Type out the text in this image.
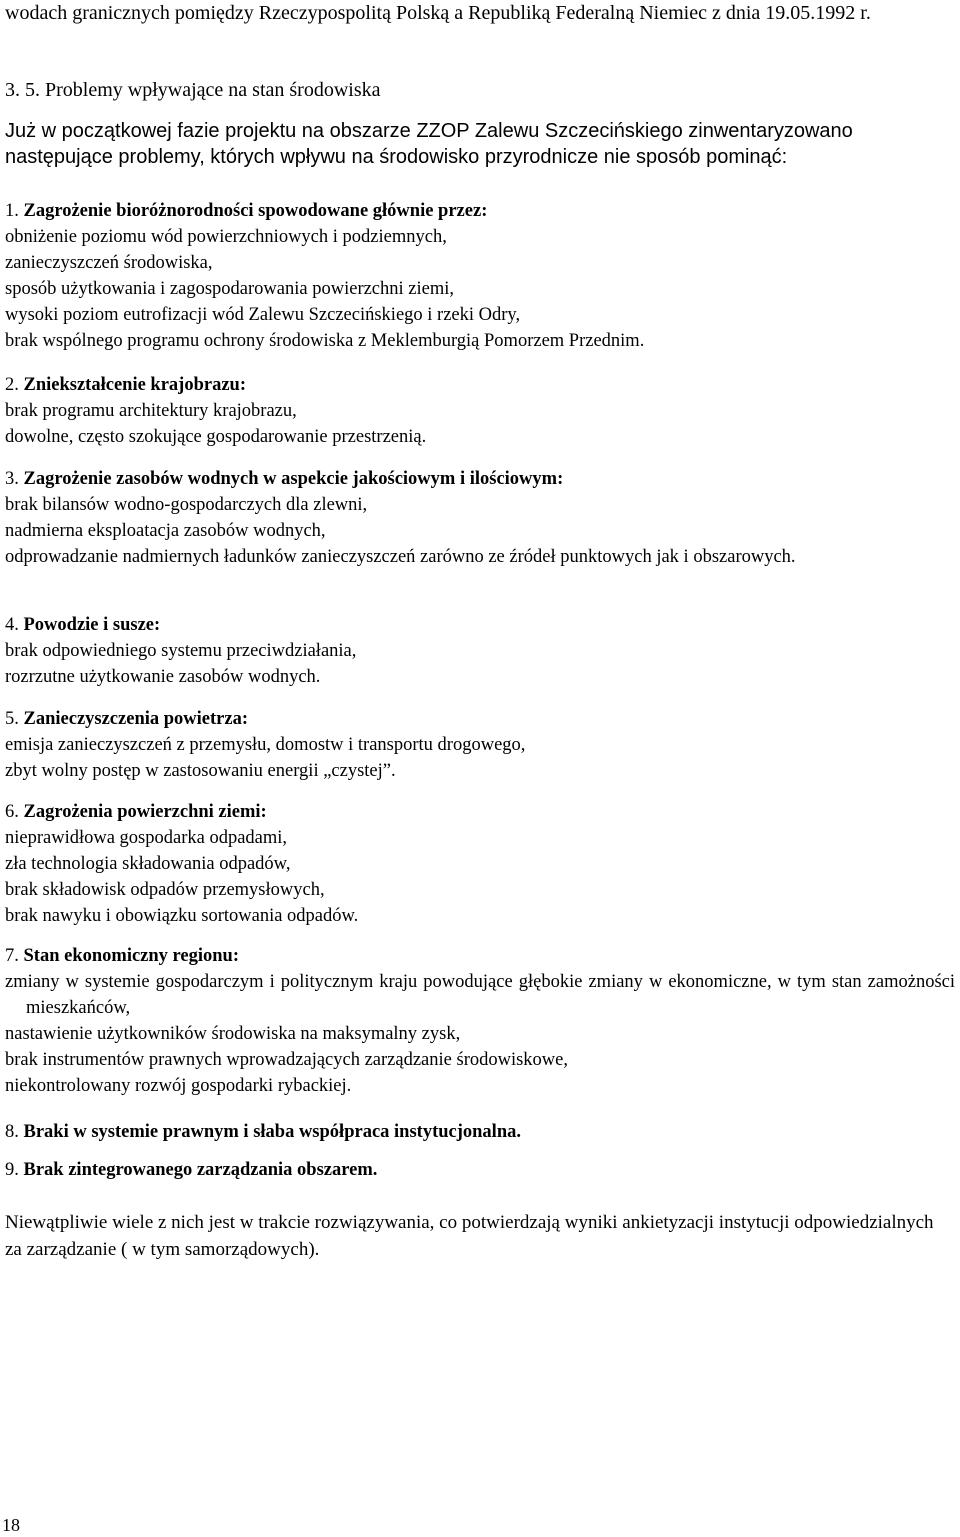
wodach granicznych pomiędzy Rzeczypospolitą Polską a Republiką Federalną Niemiec z dnia 19.05.1992 r.

3. 5. Problemy wpływające na stan środowiska

Już w początkowej fazie projektu na obszarze ZZOP Zalewu Szczecińskiego zinwentaryzowano następujące problemy, których wpływu na środowisko przyrodnicze nie sposób pominąć:

1. Zagrożenie bioróżnorodności spowodowane głównie przez:

obniżenie poziomu wód powierzchniowych i podziemnych,

zanieczyszczeń środowiska,

sposób użytkowania i zagospodarowania powierzchni ziemi,

wysoki poziom eutrofizacji wód Zalewu Szczecińskiego i rzeki Odry,

brak wspólnego programu ochrony środowiska z Meklemburgią Pomorzem Przednim.

2. Zniekształcenie krajobrazu:

brak programu architektury krajobrazu,

dowolne, często szokujące gospodarowanie przestrzenią.

3. Zagrożenie zasobów wodnych w aspekcie jakościowym i ilościowym:

brak bilansów wodno-gospodarczych dla zlewni,

nadmierna eksploatacja zasobów wodnych,

odprowadzanie nadmiernych ładunków zanieczyszczeń zarówno ze źródeł punktowych jak i obszarowych.

4. Powodzie i susze:

brak odpowiedniego systemu przeciwdziałania,

rozrzutne użytkowanie zasobów wodnych.

5. Zanieczyszczenia powietrza:

emisja zanieczyszczeń z przemysłu, domostw i transportu drogowego,

zbyt wolny postęp w zastosowaniu energii „czystej”.

6. Zagrożenia powierzchni ziemi:

nieprawidłowa gospodarka odpadami,

zła technologia składowania odpadów,

brak składowisk odpadów przemysłowych,

brak nawyku i obowiązku sortowania odpadów.

7. Stan ekonomiczny regionu:

zmiany w systemie gospodarczym i politycznym kraju powodujące głębokie zmiany w ekonomiczne, w tym stan zamożności mieszkańców,

nastawienie użytkowników środowiska na maksymalny zysk,

brak instrumentów prawnych wprowadzających zarządzanie środowiskowe,

niekontrolowany rozwój gospodarki rybackiej.

8. Braki w systemie prawnym i słaba współpraca instytucjonalna.
9. Brak zintegrowanego zarządzania obszarem.

Niewątpliwie wiele z nich jest w trakcie rozwiązywania, co potwierdzają wyniki ankietyzacji instytucji odpowiedzialnych za zarządzanie ( w tym samorządowych).

18
